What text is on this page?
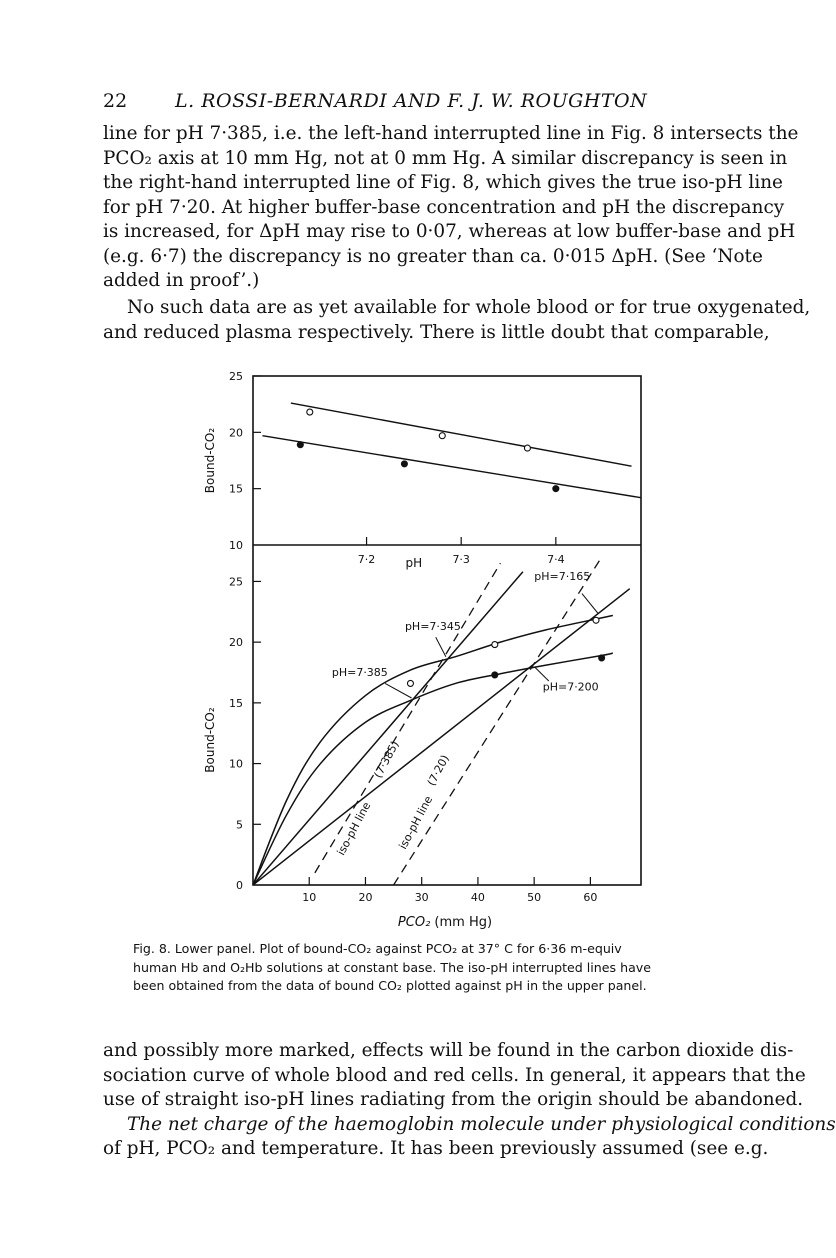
22	L. ROSSI-BERNARDI AND F. J. W. ROUGHTON
line for pH 7·385, i.e. the left-hand interrupted line in Fig. 8 intersects the
PCO₂ axis at 10 mm Hg, not at 0 mm Hg. A similar discrepancy is seen in
the right-hand interrupted line of Fig. 8, which gives the true iso-pH line
for pH 7·20. At higher buffer-base concentration and pH the discrepancy
is increased, for ΔpH may rise to 0·07, whereas at low buffer-base and pH
(e.g. 6·7) the discrepancy is no greater than ca. 0·015 ΔpH. (See ‘Note
added in proof’.)
No such data are as yet available for whole blood or for true oxygenated,
and reduced plasma respectively. There is little doubt that comparable,
10
15
20
25
7·2	7·3	7·4
pH
Bound-CO₂
0
5
10
15
20
25
10	20	30	40	50	60
PCO₂ (mm Hg)
Bound-CO₂
pH=7·345
pH=7·385
pH=7·165
pH=7·200
iso-pH line
(7·385)
iso-pH line
(7·20)
Fig. 8. Lower panel. Plot of bound-CO₂ against PCO₂ at 37° C for 6·36 m-equiv
human Hb and O₂Hb solutions at constant base. The iso-pH interrupted lines have
been obtained from the data of bound CO₂ plotted against pH in the upper panel.
and possibly more marked, effects will be found in the carbon dioxide dis-
sociation curve of whole blood and red cells. In general, it appears that the
use of straight iso-pH lines radiating from the origin should be abandoned.
The net charge of the haemoglobin molecule under physiological conditions
of pH, PCO₂ and temperature. It has been previously assumed (see e.g.
